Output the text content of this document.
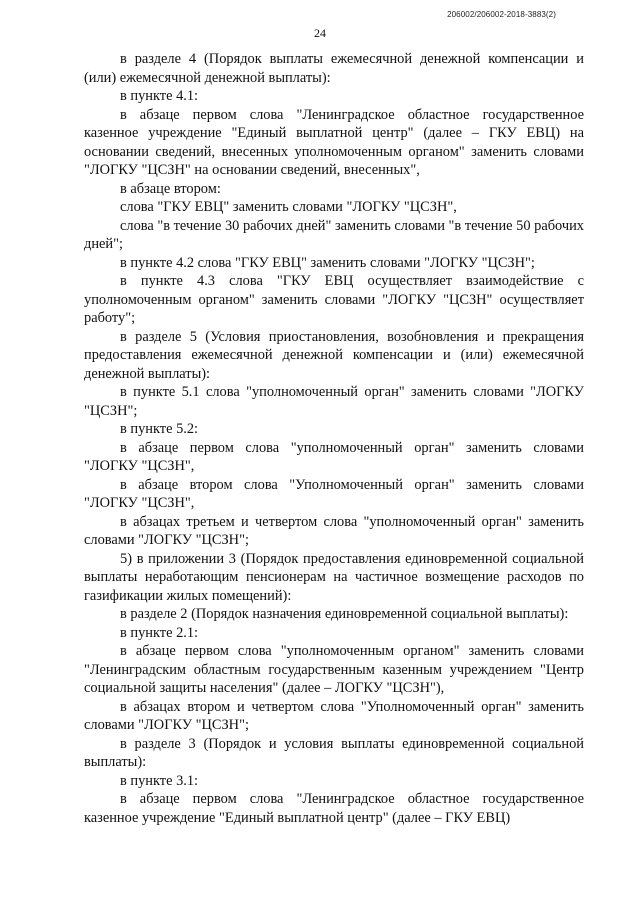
206002/206002-2018-3883(2)
24

в разделе 4 (Порядок выплаты ежемесячной денежной компенсации и (или) ежемесячной денежной выплаты):

в пункте 4.1:

в абзаце первом слова "Ленинградское областное государственное казенное учреждение "Единый выплатной центр" (далее – ГКУ ЕВЦ) на основании сведений, внесенных уполномоченным органом" заменить словами "ЛОГКУ "ЦСЗН" на основании сведений, внесенных",

в абзаце втором:

слова "ГКУ ЕВЦ" заменить словами "ЛОГКУ "ЦСЗН",

слова "в течение 30 рабочих дней" заменить словами "в течение 50 рабочих дней";

в пункте 4.2 слова "ГКУ ЕВЦ" заменить словами "ЛОГКУ "ЦСЗН";

в пункте 4.3 слова "ГКУ ЕВЦ осуществляет взаимодействие с уполномоченным органом" заменить словами "ЛОГКУ "ЦСЗН" осуществляет работу";

в разделе 5 (Условия приостановления, возобновления и прекращения предоставления ежемесячной денежной компенсации и (или) ежемесячной денежной выплаты):

в пункте 5.1 слова "уполномоченный орган" заменить словами "ЛОГКУ "ЦСЗН";

в пункте 5.2:

в абзаце первом слова "уполномоченный орган" заменить словами "ЛОГКУ "ЦСЗН",

в абзаце втором слова "Уполномоченный орган" заменить словами "ЛОГКУ "ЦСЗН",

в абзацах третьем и четвертом слова "уполномоченный орган" заменить словами "ЛОГКУ "ЦСЗН";

5) в приложении 3 (Порядок предоставления единовременной социальной выплаты неработающим пенсионерам на частичное возмещение расходов по газификации жилых помещений):

в разделе 2 (Порядок назначения единовременной социальной выплаты):

в пункте 2.1:

в абзаце первом слова "уполномоченным органом" заменить словами "Ленинградским областным государственным казенным учреждением "Центр социальной защиты населения" (далее – ЛОГКУ "ЦСЗН"),

в абзацах втором и четвертом слова "Уполномоченный орган" заменить словами "ЛОГКУ "ЦСЗН";

в разделе 3 (Порядок и условия выплаты единовременной социальной выплаты):

в пункте 3.1:

в абзаце первом слова "Ленинградское областное государственное казенное учреждение "Единый выплатной центр" (далее – ГКУ ЕВЦ)
